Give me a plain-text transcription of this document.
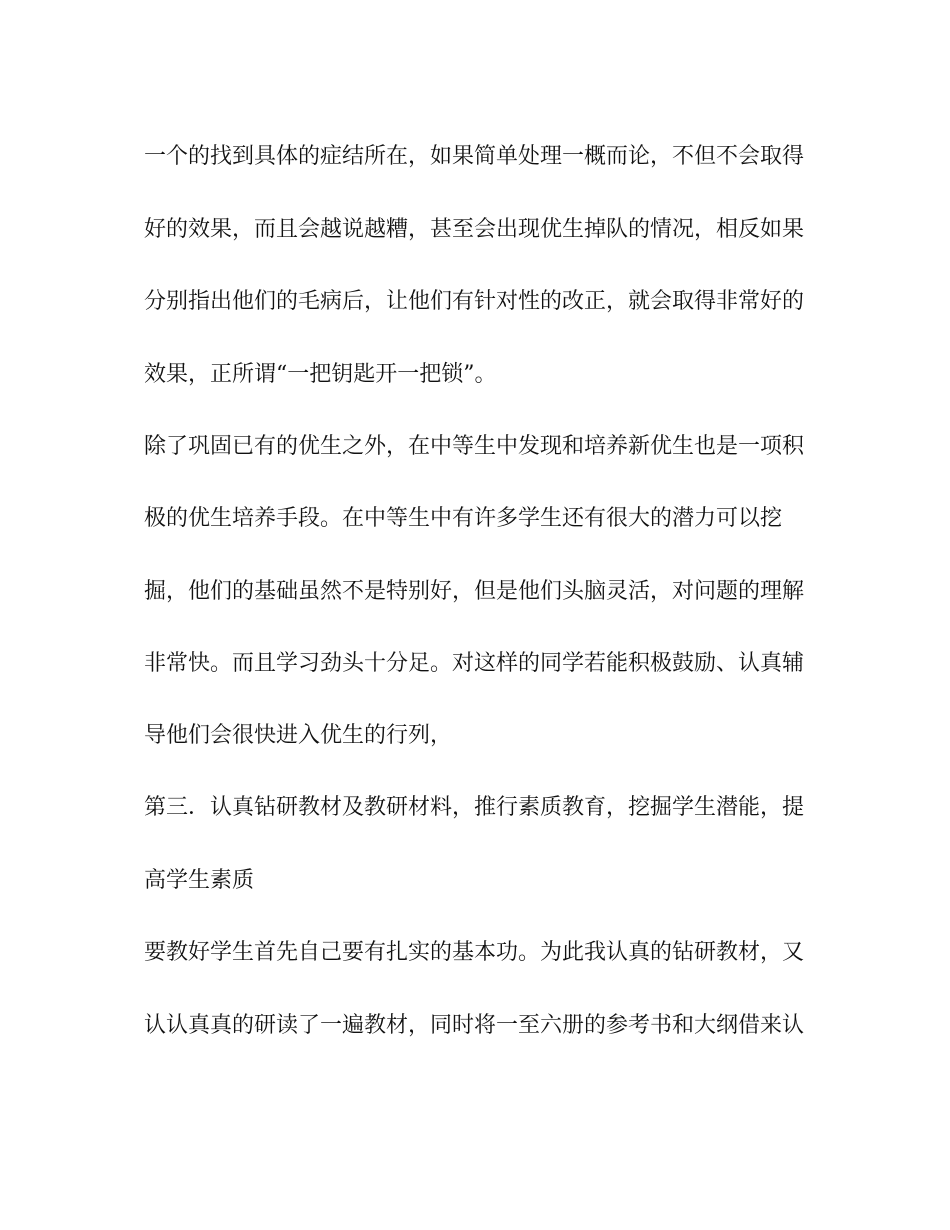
一个的找到具体的症结所在，如果简单处理一概而论，不但不会取得
好的效果，而且会越说越糟，甚至会出现优生掉队的情况，相反如果
分别指出他们的毛病后，让他们有针对性的改正，就会取得非常好的
效果，正所谓“一把钥匙开一把锁”。
除了巩固已有的优生之外，在中等生中发现和培养新优生也是一项积
极的优生培养手段。在中等生中有许多学生还有很大的潜力可以挖
掘，他们的基础虽然不是特别好，但是他们头脑灵活，对问题的理解
非常快。而且学习劲头十分足。对这样的同学若能积极鼓励、认真辅
导他们会很快进入优生的行列，
第三．认真钻研教材及教研材料，推行素质教育，挖掘学生潜能，提
高学生素质
要教好学生首先自己要有扎实的基本功。为此我认真的钻研教材，又
认认真真的研读了一遍教材，同时将一至六册的参考书和大纲借来认
